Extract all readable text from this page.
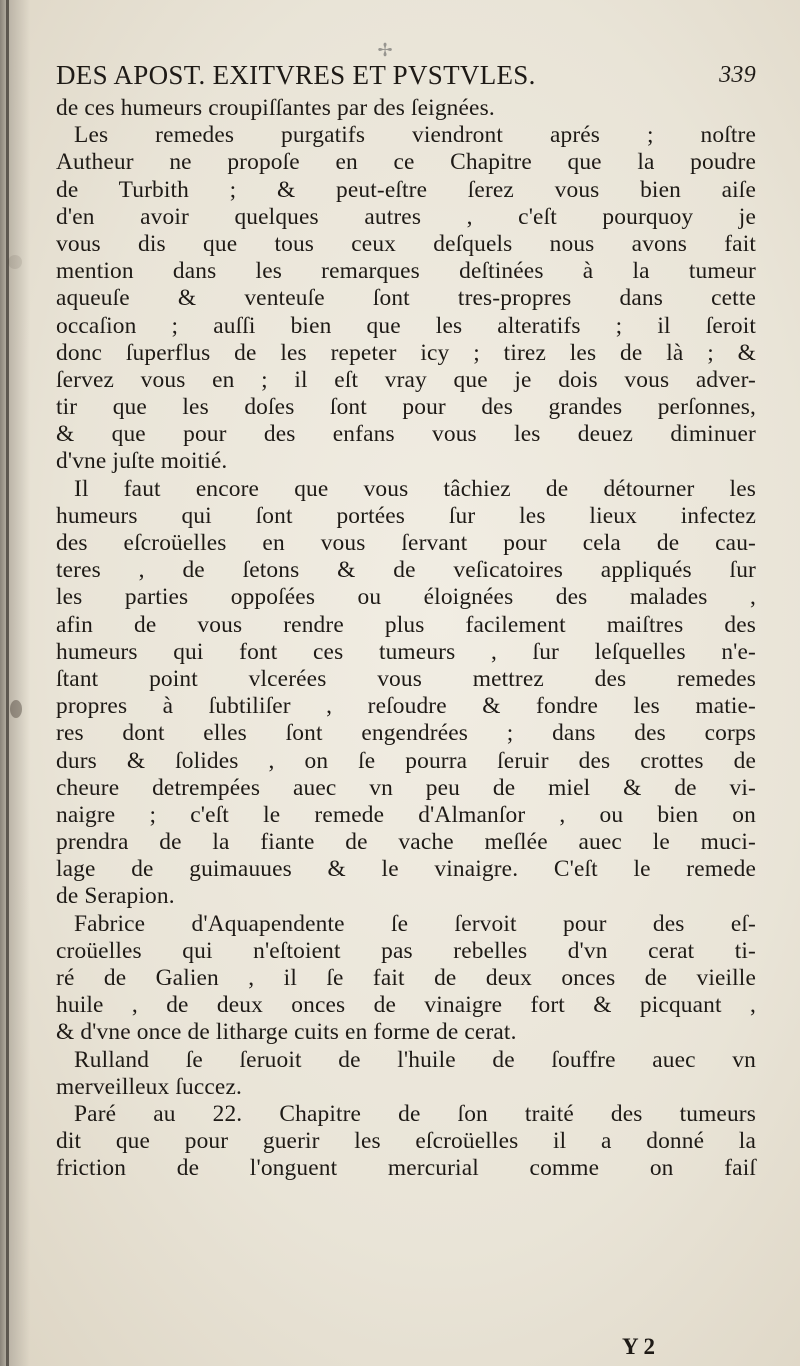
✢
DES APOST. EXITVRES ET PVSTVLES.	339
de ces humeurs croupiſſantes par des ſeignées.
Les remedes purgatifs viendront aprés ; noſtre
Autheur ne propoſe en ce Chapitre que la poudre
de Turbith ; & peut-eſtre ſerez vous bien aiſe
d'en avoir quelques autres , c'eſt pourquoy je
vous dis que tous ceux deſquels nous avons fait
mention dans les remarques deſtinées à la tumeur
aqueuſe & venteuſe ſont tres-propres dans cette
occaſion ; auſſi bien que les alteratifs ; il ſeroit
donc ſuperflus de les repeter icy ; tirez les de là ; &
ſervez vous en ; il eſt vray que je dois vous adver-
tir que les doſes ſont pour des grandes perſonnes,
& que pour des enfans vous les deuez diminuer
d'vne juſte moitié.
Il faut encore que vous tâchiez de détourner les
humeurs qui ſont portées ſur les lieux infectez
des eſcroüelles en vous ſervant pour cela de cau-
teres , de ſetons & de veſicatoires appliqués ſur
les parties oppoſées ou éloignées des malades ,
afin de vous rendre plus facilement maiſtres des
humeurs qui font ces tumeurs , ſur leſquelles n'e-
ſtant point vlcerées vous mettrez des remedes
propres à ſubtiliſer , reſoudre & fondre les matie-
res dont elles ſont engendrées ; dans des corps
durs & ſolides , on ſe pourra ſeruir des crottes de
cheure detrempées auec vn peu de miel & de vi-
naigre ; c'eſt le remede d'Almanſor , ou bien on
prendra de la fiante de vache meſlée auec le muci-
lage de guimauues & le vinaigre. C'eſt le remede
de Serapion.
Fabrice d'Aquapendente ſe ſervoit pour des eſ-
croüelles qui n'eſtoient pas rebelles d'vn cerat ti-
ré de Galien , il ſe fait de deux onces de vieille
huile , de deux onces de vinaigre fort & picquant ,
& d'vne once de litharge cuits en forme de cerat.
Rulland ſe ſeruoit de l'huile de ſouffre auec vn
merveilleux ſuccez.
Paré au 22. Chapitre de ſon traité des tumeurs
dit que pour guerir les eſcroüelles il a donné la
friction de l'onguent mercurial comme on faiſ
Y 2
